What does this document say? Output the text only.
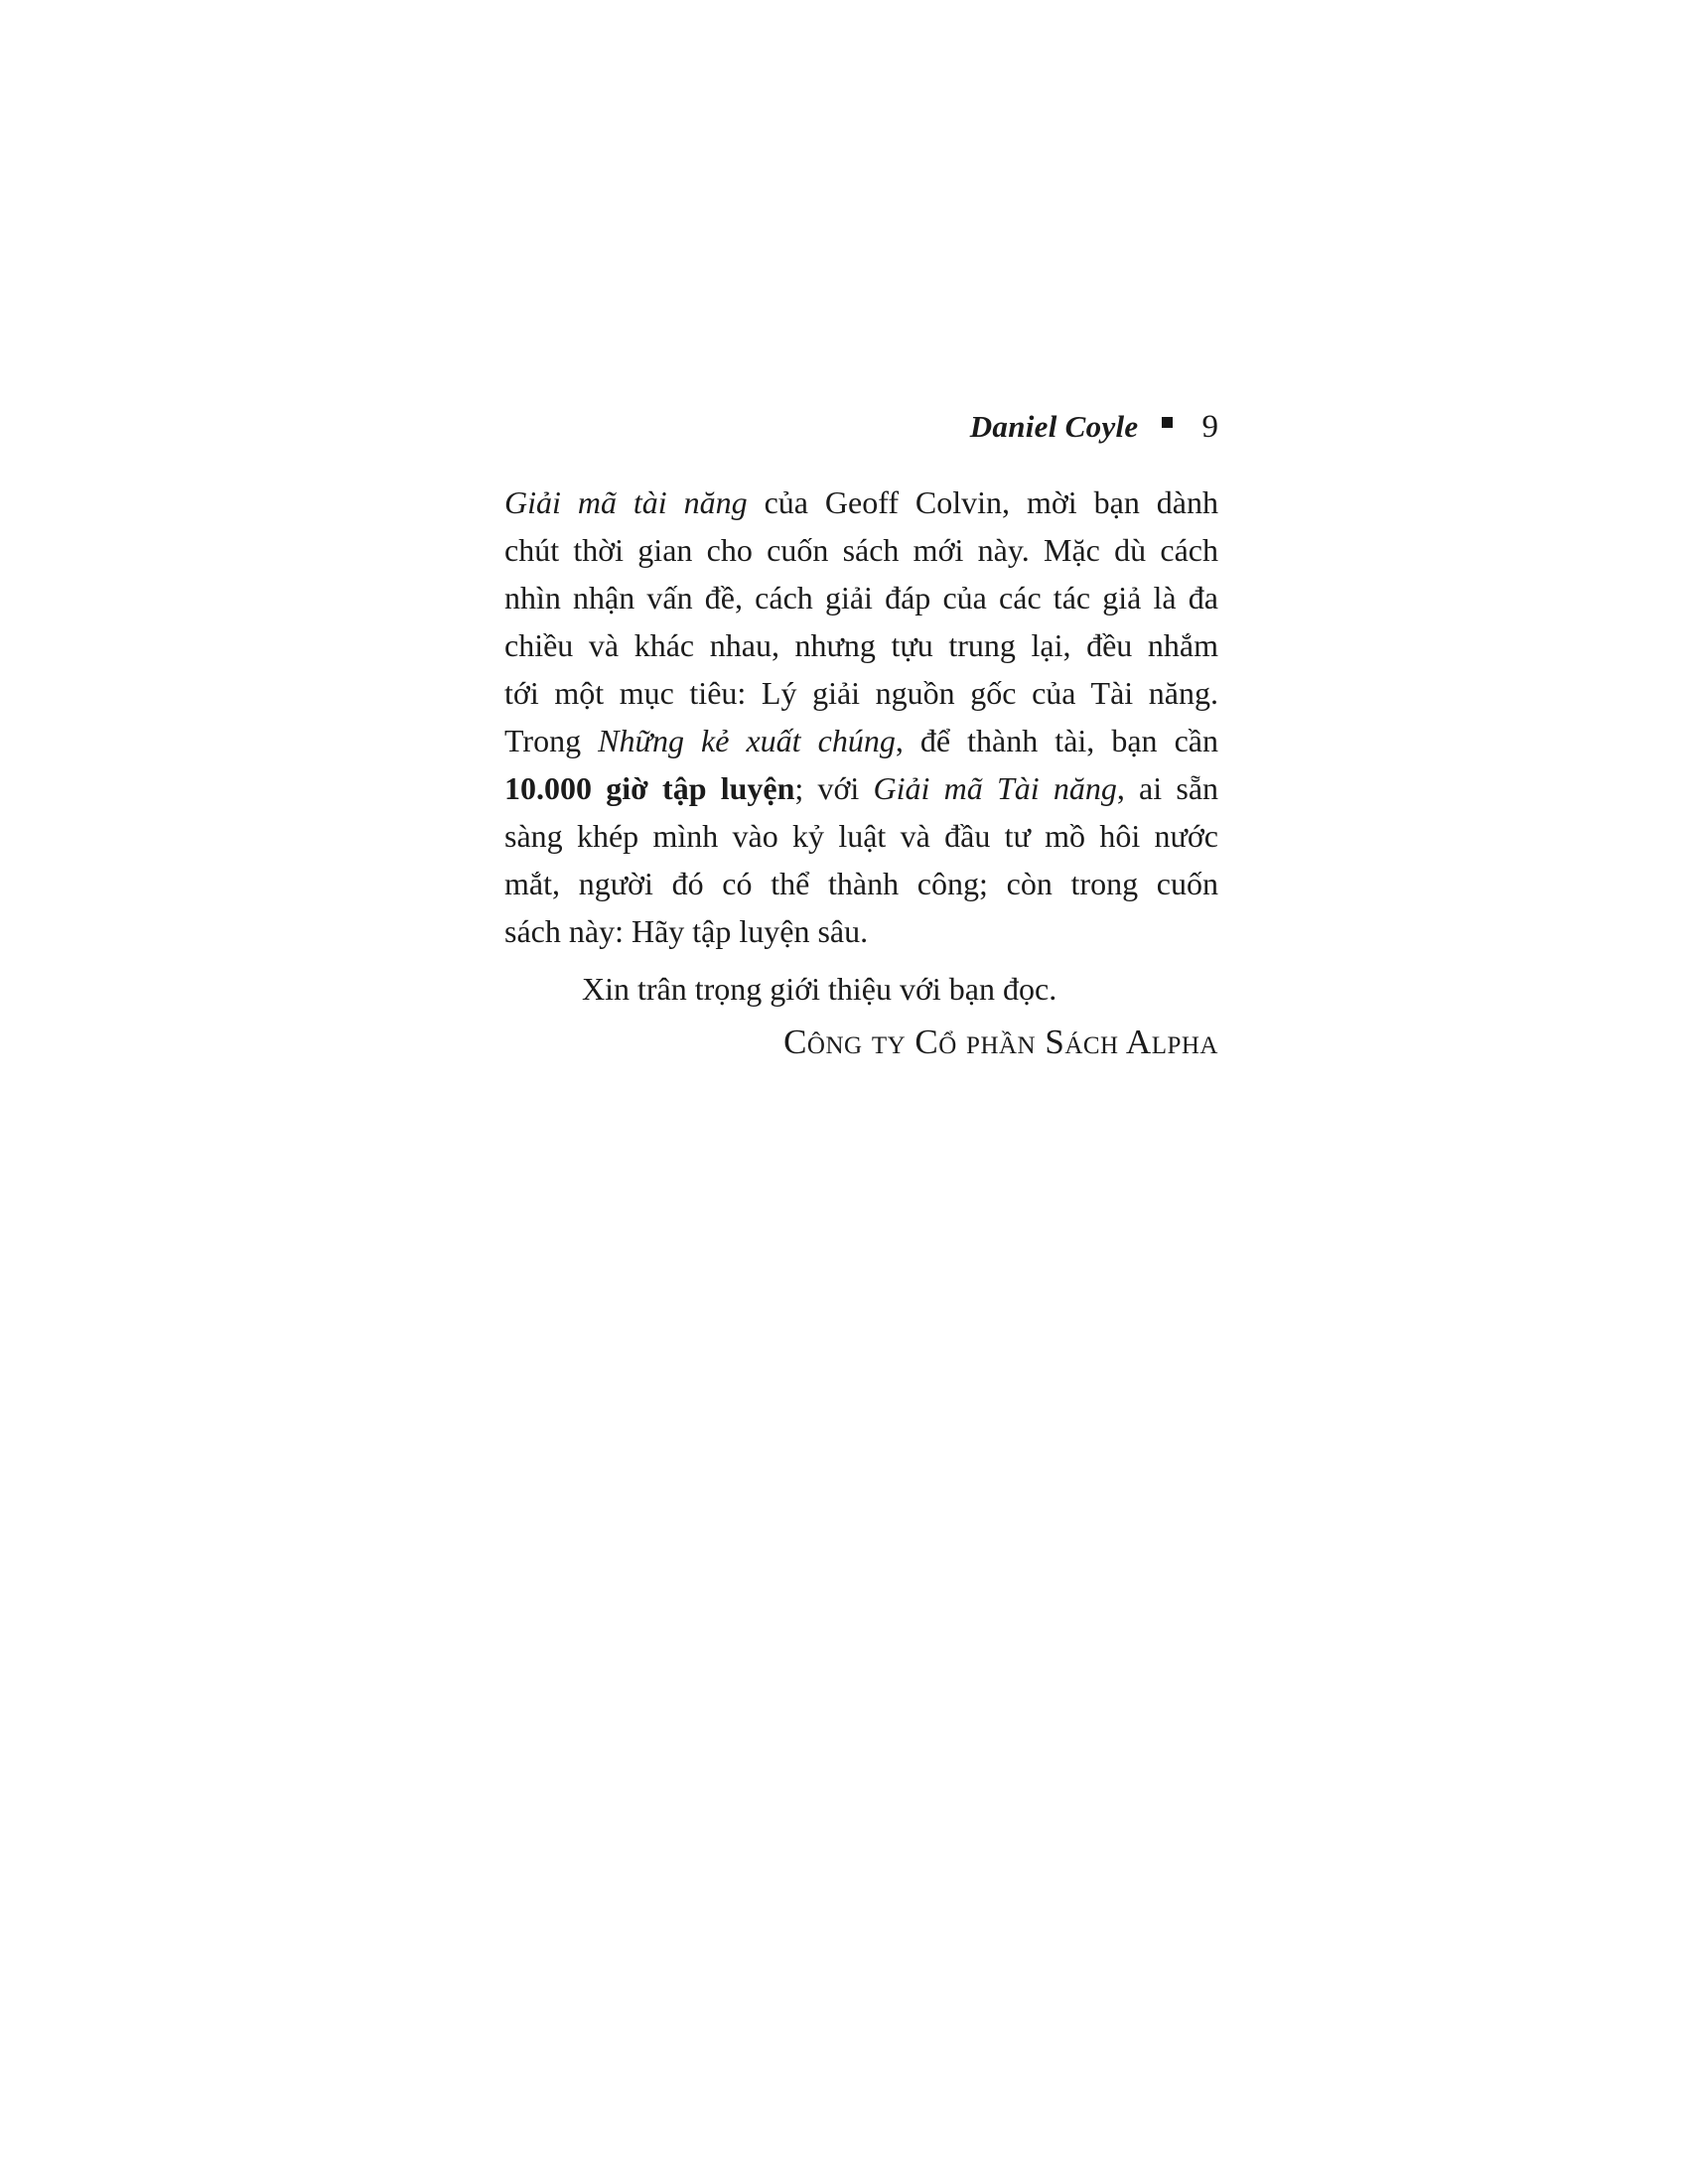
Daniel Coyle 9
Giải mã tài năng của Geoff Colvin, mời bạn dành
chút thời gian cho cuốn sách mới này. Mặc dù cách
nhìn nhận vấn đề, cách giải đáp của các tác giả là đa
chiều và khác nhau, nhưng tựu trung lại, đều nhắm
tới một mục tiêu: Lý giải nguồn gốc của Tài năng.
Trong Những kẻ xuất chúng, để thành tài, bạn cần
10.000 giờ tập luyện; với Giải mã Tài năng, ai sẵn
sàng khép mình vào kỷ luật và đầu tư mồ hôi nước
mắt, người đó có thể thành công; còn trong cuốn
sách này: Hãy tập luyện sâu.
Xin trân trọng giới thiệu với bạn đọc.
Công ty Cổ phần Sách Alpha
